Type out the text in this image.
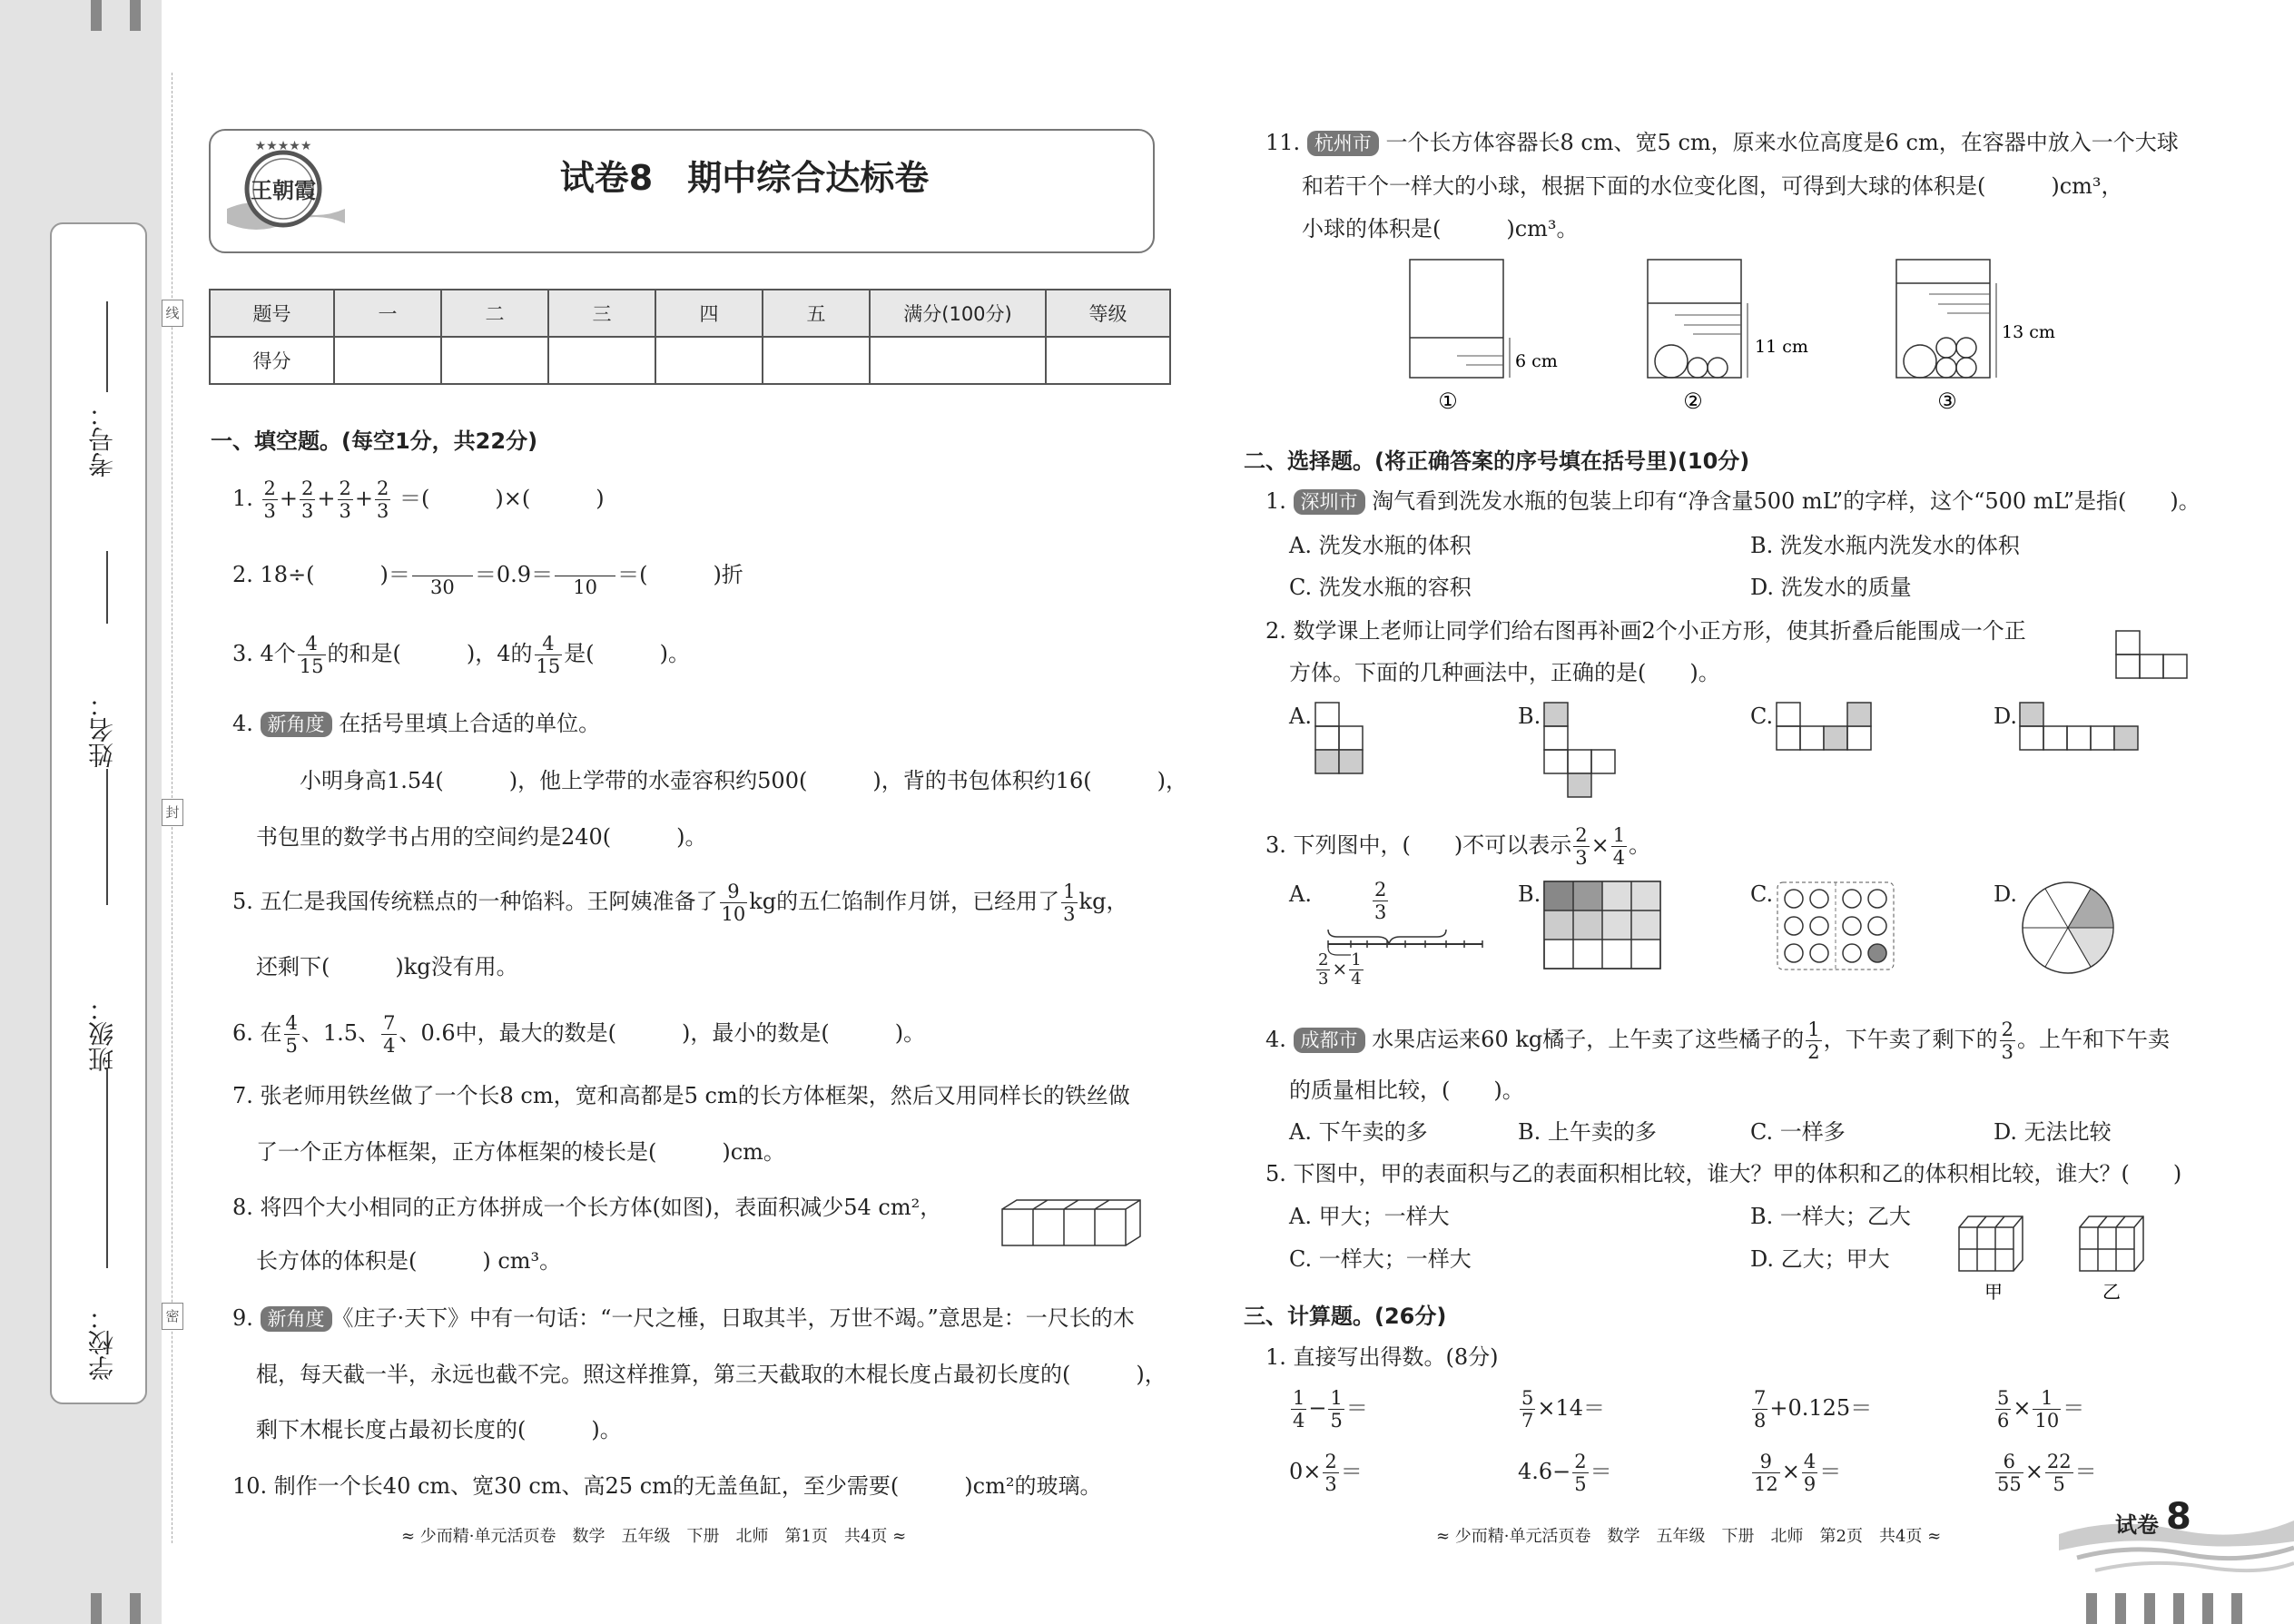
线
封
密
考号：
姓名：
班级：
学校：
★★★★★
王朝霞	试卷8　期中综合达标卷
题号	一	二	三	四	五	满分(100分)	等级
得分							
一、填空题。(每空1分，共22分)
1. $\frac{2}{3} + \frac{2}{3} + \frac{2}{3} + \frac{2}{3}$ ＝(　　　)×(　　　)
2. 18÷(　　　)＝
　　　	30 ＝0.9＝
　　　	10 ＝(　　　)折
3. 4个 $\frac{4}{15}$ 的和是(　　　)，4的 $\frac{4}{15}$ 是(　　　)。
4. 新角度 在括号里填上合适的单位。
小明身高1.54(　　　)，他上学带的水壶容积约500(　　　)，背的书包体积约16(　　　)，
书包里的数学书占用的空间约是240(　　　)。
5. 五仁是我国传统糕点的一种馅料。王阿姨准备了 $\frac{9}{10}$ kg的五仁馅制作月饼，已经用了 $\frac{1}{3}$ kg，
还剩下(　　　)kg没有用。
6. 在 $\frac{4}{5}$ 、1.5、 $\frac{7}{4}$ 、0.6中，最大的数是(　　　)，最小的数是(　　　)。
7. 张老师用铁丝做了一个长8 cm，宽和高都是5 cm的长方体框架，然后又用同样长的铁丝做
了一个正方体框架，正方体框架的棱长是(　　　)cm。
8. 将四个大小相同的正方体拼成一个长方体(如图)，表面积减少54 cm²，
长方体的体积是(　　　) cm³。
9. 新角度 《庄子·天下》中有一句话：“一尺之棰，日取其半，万世不竭。”意思是：一尺长的木
棍，每天截一半，永远也截不完。照这样推算，第三天截取的木棍长度占最初长度的(　　　)，
剩下木棍长度占最初长度的(　　　)。
10. 制作一个长40 cm、宽30 cm、高25 cm的无盖鱼缸，至少需要(　　　)cm²的玻璃。
≈ 少而精·单元活页卷　数学　五年级　下册　北师　第1页　共4页 ≈
11. 杭州市 一个长方体容器长8 cm、宽5 cm，原来水位高度是6 cm，在容器中放入一个大球
和若干个一样大的小球，根据下面的水位变化图，可得到大球的体积是(　　　)cm³，
小球的体积是(　　　)cm³。
6 cm
①
11 cm
②
13 cm
③
二、选择题。(将正确答案的序号填在括号里)(10分)
1. 深圳市 淘气看到洗发水瓶的包装上印有“净含量500 mL”的字样，这个“500 mL”是指(　　)。
A. 洗发水瓶的体积	B. 洗发水瓶内洗发水的体积
C. 洗发水瓶的容积	D. 洗发水的质量
2. 数学课上老师让同学们给右图再补画2个小正方形，使其折叠后能围成一个正
方体。下面的几种画法中，正确的是(　　)。
A.	B.	C.	D.
3. 下列图中，(　　)不可以表示 $\frac{2}{3} \times \frac{1}{4}$ 。
A.	$\frac{2}{3}$
$\frac{2}{3} \times \frac{1}{4}$
B.	C.	D.
4. 成都市 水果店运来60 kg橘子，上午卖了这些橘子的 $\frac{1}{2}$ ，下午卖了剩下的 $\frac{2}{3}$ 。上午和下午卖
的质量相比较，(　　)。
A. 下午卖的多	B. 上午卖的多	C. 一样多	D. 无法比较
5. 下图中，甲的表面积与乙的表面积相比较，谁大？甲的体积和乙的体积相比较，谁大？(　　)
A. 甲大；一样大	B. 一样大；乙大
C. 一样大；一样大	D. 乙大；甲大
甲	乙
三、计算题。(26分)
1. 直接写出得数。(8分)
$\frac{1}{4} - \frac{1}{5}$ ＝	$\frac{5}{7} \times 14=$	$\frac{7}{8} +0.125=$	$\frac{5}{6} \times \frac{1}{10}$ ＝
$0\times \frac{2}{3}$ ＝	$4.6- \frac{2}{5}$ ＝	$\frac{9}{12} \times \frac{4}{9}$ ＝	$\frac{6}{55} \times \frac{22}{5}$ ＝
≈ 少而精·单元活页卷　数学　五年级　下册　北师　第2页　共4页 ≈	试卷 8
